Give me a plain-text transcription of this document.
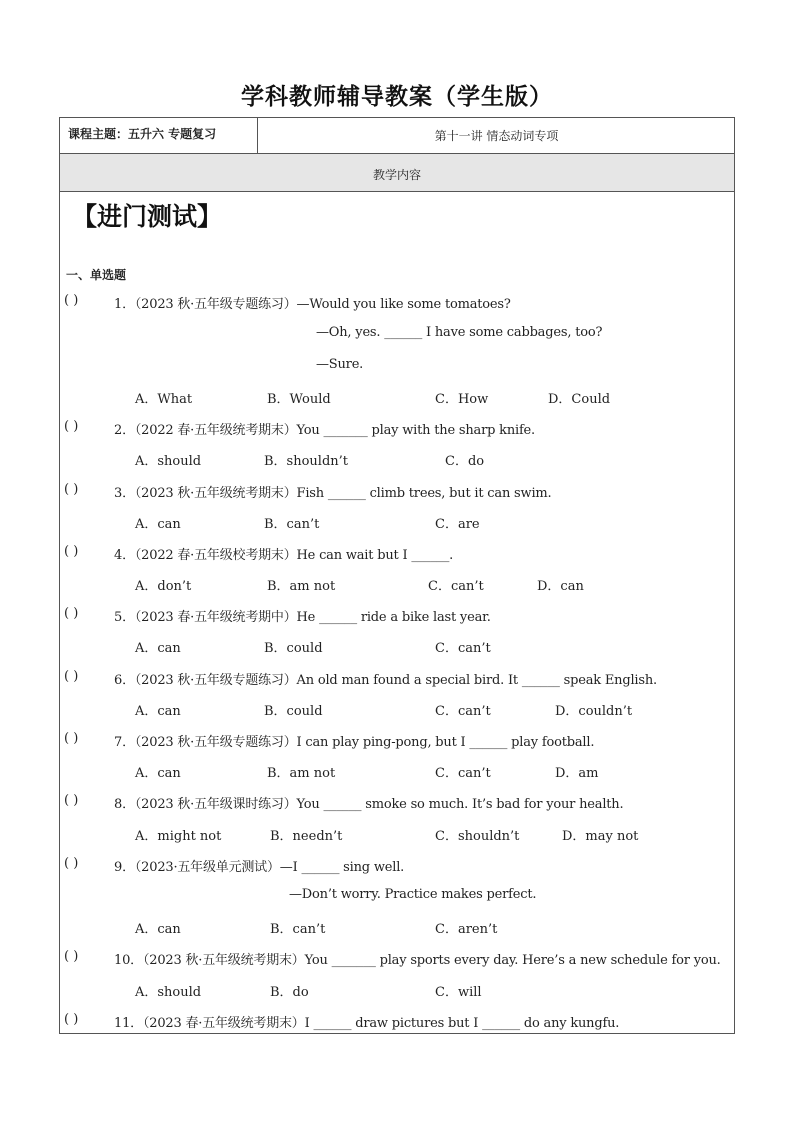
学科教师辅导教案（学生版）
课程主题：五升六 专题复习	第十一讲 情态动词专项
教学内容
【进门测试】
一、单选题
( )	1．（2023 秋·五年级专题练习）—Would you like some tomatoes?
—Oh, yes. ______ I have some cabbages, too?
—Sure.
A．What	B．Would	C．How	D．Could
( )	2．（2022 春·五年级统考期末）You _______ play with the sharp knife.
A．should	B．shouldn’t	C．do
( )	3．（2023 秋·五年级统考期末）Fish ______ climb trees, but it can swim.
A．can	B．can’t	C．are
( )	4．（2022 春·五年级校考期末）He can wait but I ______.
A．don’t	B．am not	C．can’t	D．can
( )	5．（2023 春·五年级统考期中）He ______ ride a bike last year.
A．can	B．could	C．can’t
( )	6．（2023 秋·五年级专题练习）An old man found a special bird. It ______ speak English.
A．can	B．could	C．can’t	D．couldn’t
( )	7．（2023 秋·五年级专题练习）I can play ping-pong, but I ______ play football.
A．can	B．am not	C．can’t	D．am
( )	8．（2023 秋·五年级课时练习）You ______ smoke so much. It’s bad for your health.
A．might not	B．needn’t	C．shouldn’t	D．may not
( )	9．（2023·五年级单元测试）—I ______ sing well.
—Don’t worry. Practice makes perfect.
A．can	B．can’t	C．aren’t
( )	10．（2023 秋·五年级统考期末）You _______ play sports every day. Here’s a new schedule for you.
A．should	B．do	C．will
( )	11．（2023 春·五年级统考期末）I ______ draw pictures but I ______ do any kungfu.
